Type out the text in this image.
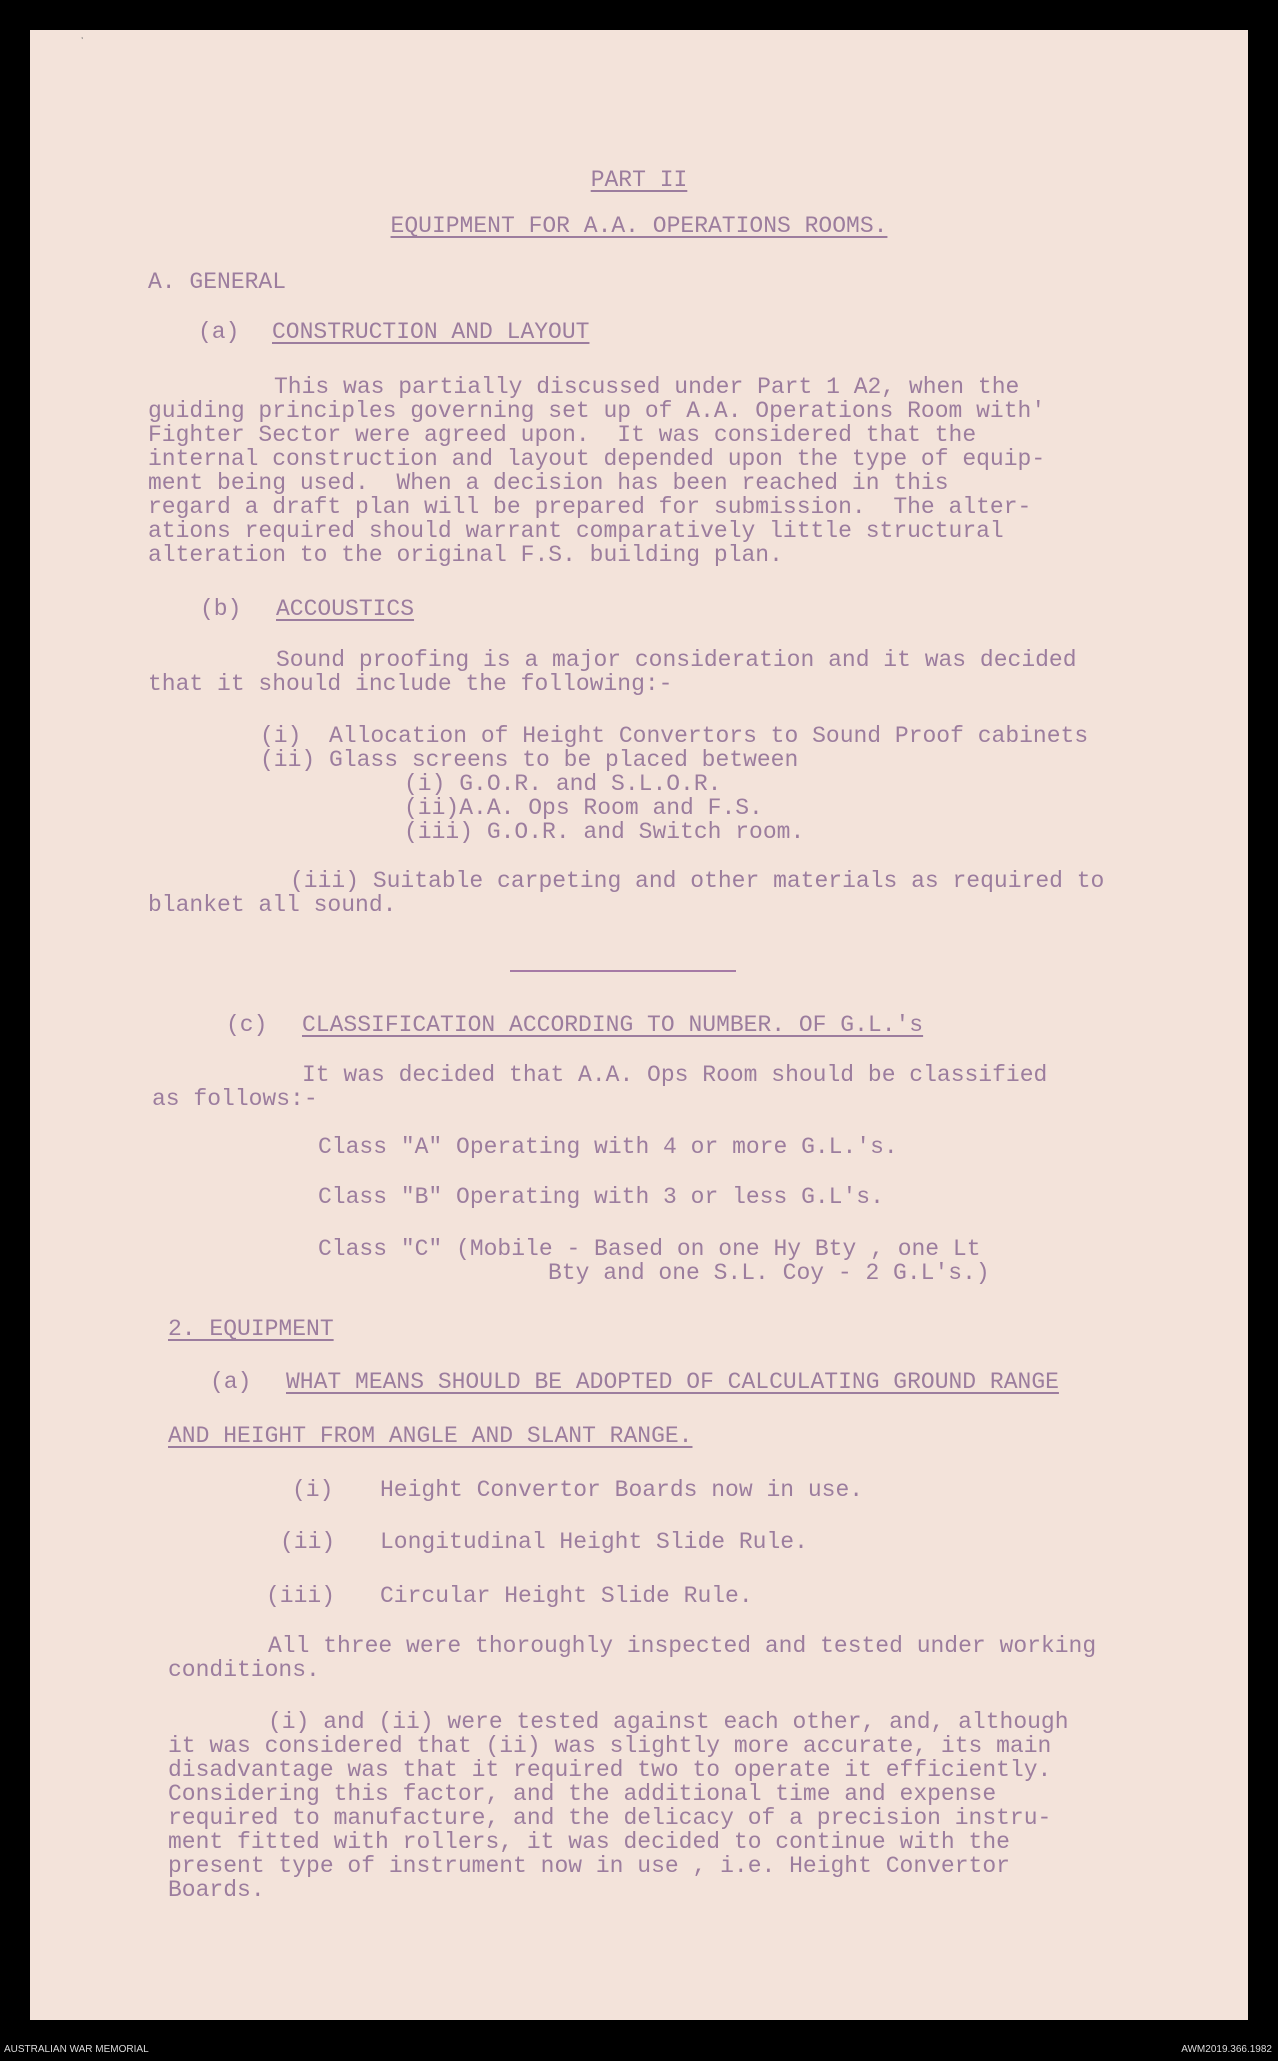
ˑ
PART II
EQUIPMENT FOR A.A. OPERATIONS ROOMS.
A. GENERAL
(a) CONSTRUCTION AND LAYOUT
This was partially discussed under Part 1 A2, when the
guiding principles governing set up of A.A. Operations Room with'
Fighter Sector were agreed upon.  It was considered that the
internal construction and layout depended upon the type of equip-
ment being used.  When a decision has been reached in this
regard a draft plan will be prepared for submission.  The alter-
ations required should warrant comparatively little structural
alteration to the original F.S. building plan.
(b) ACCOUSTICS
Sound proofing is a major consideration and it was decided
that it should include the following:-
(i)  Allocation of Height Convertors to Sound Proof cabinets
(ii) Glass screens to be placed between
(i) G.O.R. and S.L.O.R.
(ii)A.A. Ops Room and F.S.
(iii) G.O.R. and Switch room.
(iii) Suitable carpeting and other materials as required to
blanket all sound.
(c) CLASSIFICATION ACCORDING TO NUMBER. OF G.L.'s
It was decided that A.A. Ops Room should be classified
as follows:-
Class "A" Operating with 4 or more G.L.'s.
Class "B" Operating with 3 or less G.L's.
Class "C" (Mobile - Based on one Hy Bty , one Lt
Bty and one S.L. Coy - 2 G.L's.)
2. EQUIPMENT
(a) WHAT MEANS SHOULD BE ADOPTED OF CALCULATING GROUND RANGE
AND HEIGHT FROM ANGLE AND SLANT RANGE.
(i) Height Convertor Boards now in use.
(ii) Longitudinal Height Slide Rule.
(iii) Circular Height Slide Rule.
All three were thoroughly inspected and tested under working
conditions.
(i) and (ii) were tested against each other, and, although
it was considered that (ii) was slightly more accurate, its main
disadvantage was that it required two to operate it efficiently.
Considering this factor, and the additional time and expense
required to manufacture, and the delicacy of a precision instru-
ment fitted with rollers, it was decided to continue with the
present type of instrument now in use , i.e. Height Convertor
Boards.
AUSTRALIAN WAR MEMORIAL	AWM2019.366.1982
